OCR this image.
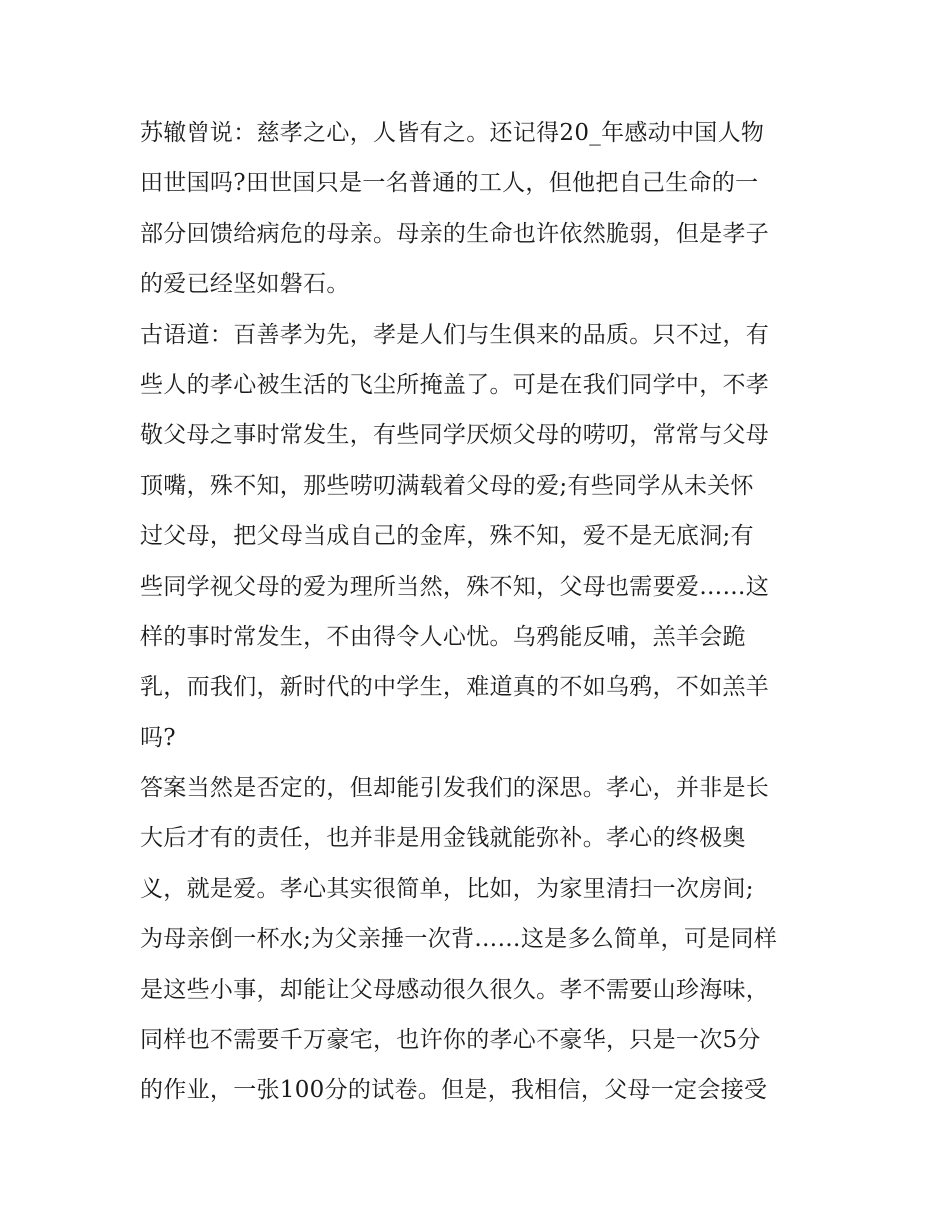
苏辙曾说：慈孝之心，人皆有之。还记得20_年感动中国人物
田世国吗?田世国只是一名普通的工人，但他把自己生命的一
部分回馈给病危的母亲。母亲的生命也许依然脆弱，但是孝子
的爱已经坚如磐石。
古语道：百善孝为先，孝是人们与生俱来的品质。只不过，有
些人的孝心被生活的飞尘所掩盖了。可是在我们同学中，不孝
敬父母之事时常发生，有些同学厌烦父母的唠叨，常常与父母
顶嘴，殊不知，那些唠叨满载着父母的爱;有些同学从未关怀
过父母，把父母当成自己的金库，殊不知，爱不是无底洞;有
些同学视父母的爱为理所当然，殊不知，父母也需要爱……这
样的事时常发生，不由得令人心忧。乌鸦能反哺，羔羊会跪
乳，而我们，新时代的中学生，难道真的不如乌鸦，不如羔羊
吗?
答案当然是否定的，但却能引发我们的深思。孝心，并非是长
大后才有的责任，也并非是用金钱就能弥补。孝心的终极奥
义，就是爱。孝心其实很简单，比如，为家里清扫一次房间;
为母亲倒一杯水;为父亲捶一次背……这是多么简单，可是同样
是这些小事，却能让父母感动很久很久。孝不需要山珍海味，
同样也不需要千万豪宅，也许你的孝心不豪华，只是一次5分
的作业，一张100分的试卷。但是，我相信，父母一定会接受
